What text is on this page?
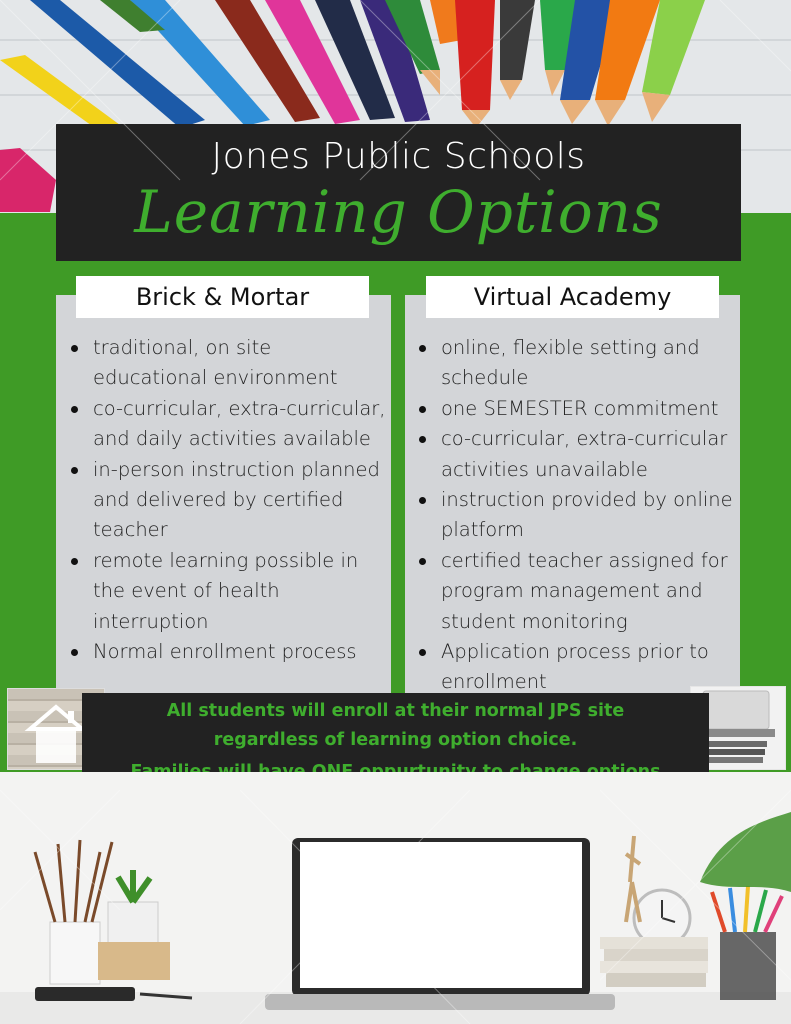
Jones Public Schools
Learning Options
Brick & Mortar	Virtual Academy
traditional, on site educational environment
co-curricular, extra-curricular, and daily activities available
in-person instruction planned and delivered by certified teacher
remote learning possible in the event of health interruption
Normal enrollment process
online, flexible setting and schedule
one SEMESTER commitment
co-curricular, extra-curricular activities unavailable
instruction provided by online platform
certified teacher assigned for program management and student monitoring
Application process prior to enrollment

All students will enroll at their normal JPS site regardless of learning option choice.
